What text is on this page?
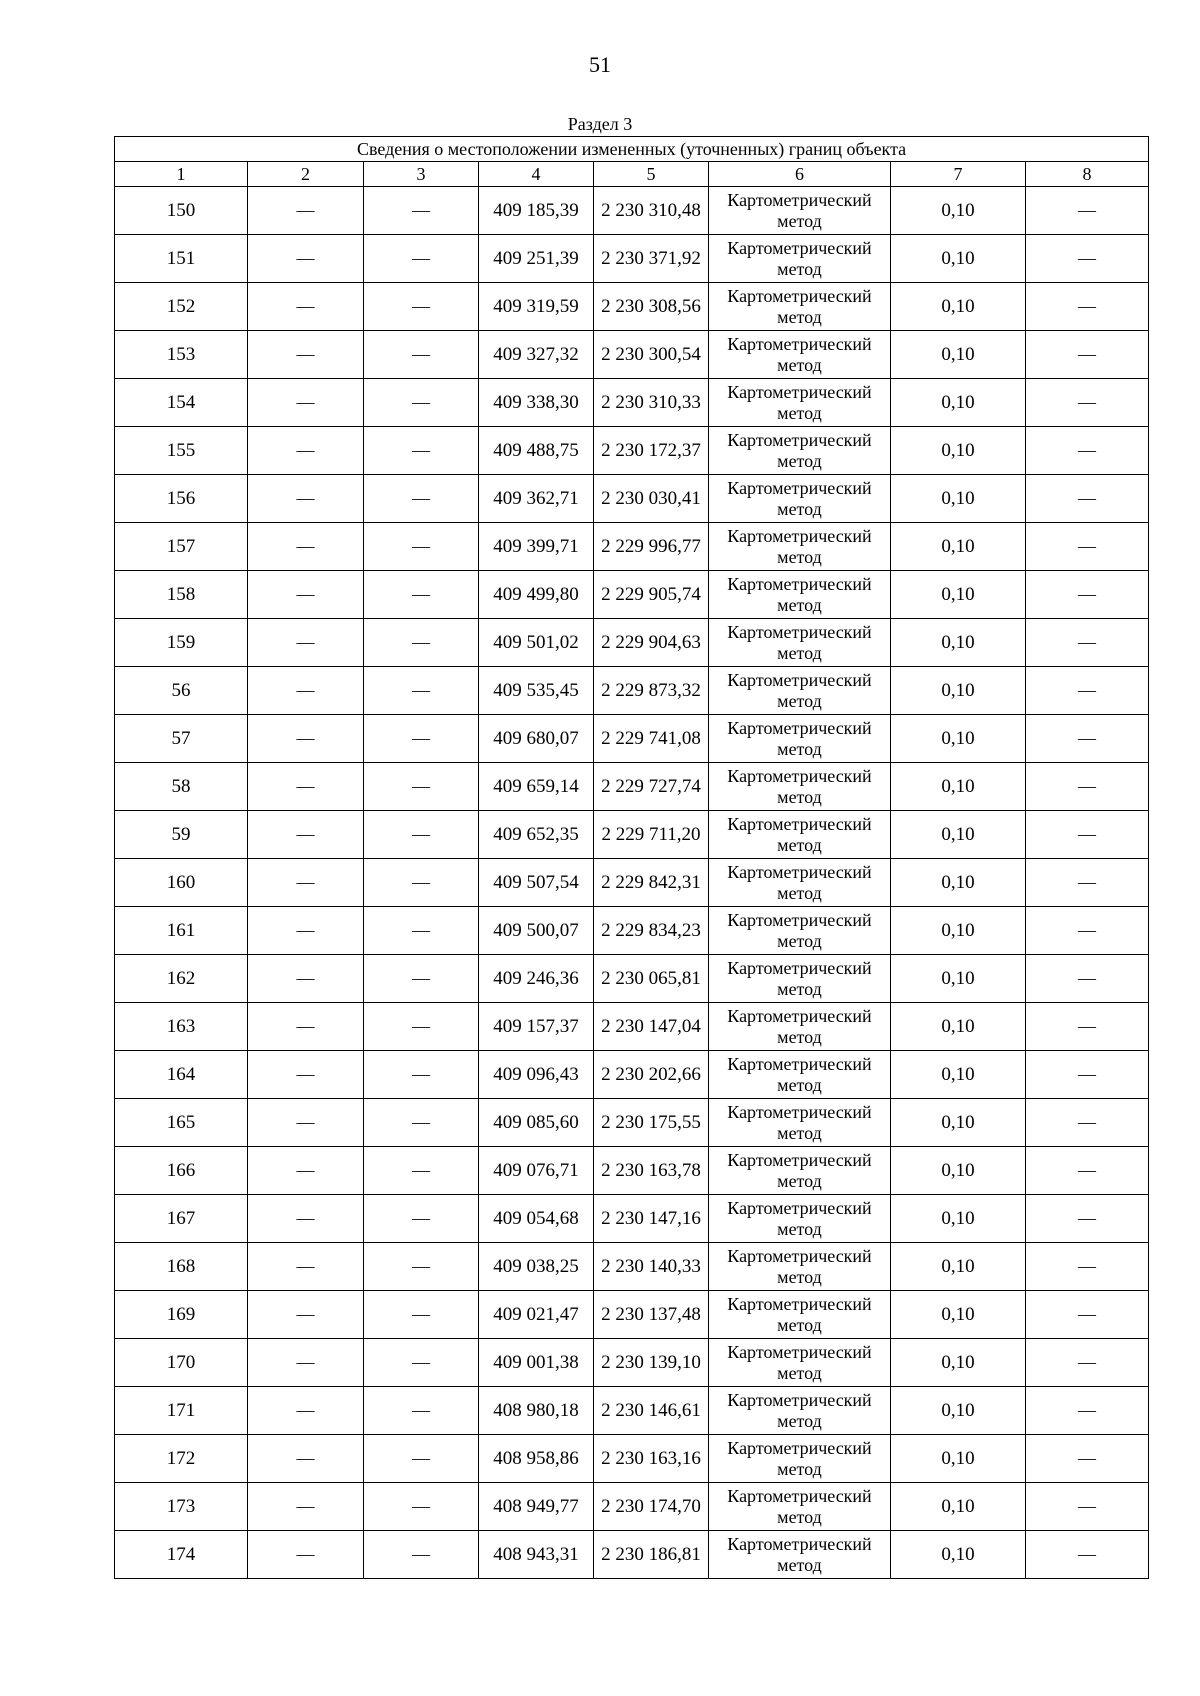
51
Раздел 3
Сведения о местоположении измененных (уточненных) границ объекта							
1	2	3	4	5	6	7	8
150	—	—	409 185,39	2 230 310,48	Картометрический метод	0,10	—
151	—	—	409 251,39	2 230 371,92	Картометрический метод	0,10	—
152	—	—	409 319,59	2 230 308,56	Картометрический метод	0,10	—
153	—	—	409 327,32	2 230 300,54	Картометрический метод	0,10	—
154	—	—	409 338,30	2 230 310,33	Картометрический метод	0,10	—
155	—	—	409 488,75	2 230 172,37	Картометрический метод	0,10	—
156	—	—	409 362,71	2 230 030,41	Картометрический метод	0,10	—
157	—	—	409 399,71	2 229 996,77	Картометрический метод	0,10	—
158	—	—	409 499,80	2 229 905,74	Картометрический метод	0,10	—
159	—	—	409 501,02	2 229 904,63	Картометрический метод	0,10	—
56	—	—	409 535,45	2 229 873,32	Картометрический метод	0,10	—
57	—	—	409 680,07	2 229 741,08	Картометрический метод	0,10	—
58	—	—	409 659,14	2 229 727,74	Картометрический метод	0,10	—
59	—	—	409 652,35	2 229 711,20	Картометрический метод	0,10	—
160	—	—	409 507,54	2 229 842,31	Картометрический метод	0,10	—
161	—	—	409 500,07	2 229 834,23	Картометрический метод	0,10	—
162	—	—	409 246,36	2 230 065,81	Картометрический метод	0,10	—
163	—	—	409 157,37	2 230 147,04	Картометрический метод	0,10	—
164	—	—	409 096,43	2 230 202,66	Картометрический метод	0,10	—
165	—	—	409 085,60	2 230 175,55	Картометрический метод	0,10	—
166	—	—	409 076,71	2 230 163,78	Картометрический метод	0,10	—
167	—	—	409 054,68	2 230 147,16	Картометрический метод	0,10	—
168	—	—	409 038,25	2 230 140,33	Картометрический метод	0,10	—
169	—	—	409 021,47	2 230 137,48	Картометрический метод	0,10	—
170	—	—	409 001,38	2 230 139,10	Картометрический метод	0,10	—
171	—	—	408 980,18	2 230 146,61	Картометрический метод	0,10	—
172	—	—	408 958,86	2 230 163,16	Картометрический метод	0,10	—
173	—	—	408 949,77	2 230 174,70	Картометрический метод	0,10	—
174	—	—	408 943,31	2 230 186,81	Картометрический метод	0,10	—
